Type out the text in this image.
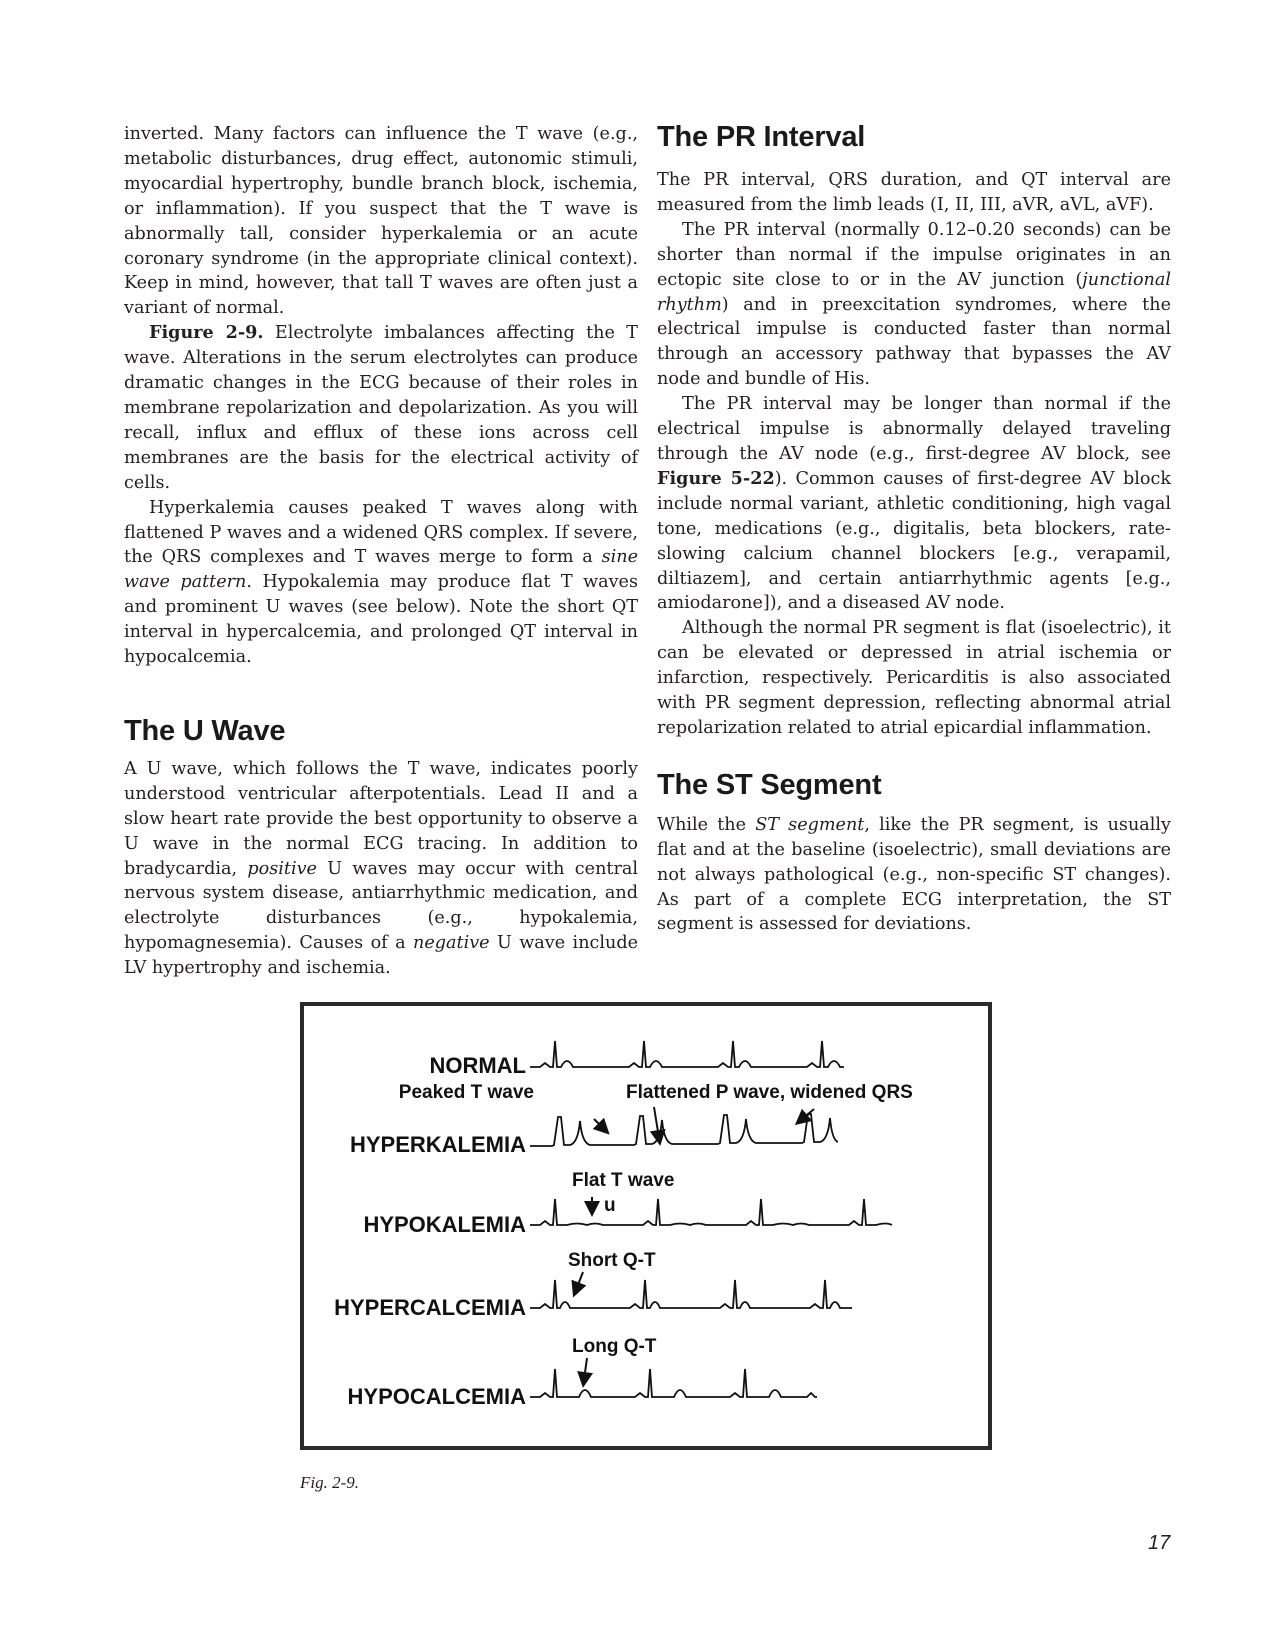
inverted. Many factors can influence the T wave (e.g., metabolic disturbances, drug effect, autonomic stimuli, myocardial hypertrophy, bundle branch block, ischemia, or inflammation). If you suspect that the T wave is abnormally tall, consider hyperkalemia or an acute coronary syndrome (in the appropriate clinical context). Keep in mind, however, that tall T waves are often just a variant of normal.

Figure 2-9. Electrolyte imbalances affecting the T wave. Alterations in the serum electrolytes can produce dramatic changes in the ECG because of their roles in membrane repolarization and depolarization. As you will recall, influx and efflux of these ions across cell membranes are the basis for the electrical activity of cells.

Hyperkalemia causes peaked T waves along with flattened P waves and a widened QRS complex. If severe, the QRS complexes and T waves merge to form a sine wave pattern. Hypokalemia may produce flat T waves and prominent U waves (see below). Note the short QT interval in hypercalcemia, and prolonged QT interval in hypocalcemia.

The U Wave

A U wave, which follows the T wave, indicates poorly understood ventricular afterpotentials. Lead II and a slow heart rate provide the best opportunity to observe a U wave in the normal ECG tracing. In addition to bradycardia, positive U waves may occur with central nervous system disease, antiarrhythmic medication, and electrolyte disturbances (e.g., hypokalemia, hypomagnesemia). Causes of a negative U wave include LV hypertrophy and ischemia.

The PR Interval

The PR interval, QRS duration, and QT interval are measured from the limb leads (I, II, III, aVR, aVL, aVF).

The PR interval (normally 0.12–0.20 seconds) can be shorter than normal if the impulse originates in an ectopic site close to or in the AV junction (junctional rhythm) and in preexcitation syndromes, where the electrical impulse is conducted faster than normal through an accessory pathway that bypasses the AV node and bundle of His.

The PR interval may be longer than normal if the electrical impulse is abnormally delayed traveling through the AV node (e.g., first-degree AV block, see Figure 5-22). Common causes of first-degree AV block include normal variant, athletic conditioning, high vagal tone, medications (e.g., digitalis, beta blockers, rate-slowing calcium channel blockers [e.g., verapamil, diltiazem], and certain antiarrhythmic agents [e.g., amiodarone]), and a diseased AV node.

Although the normal PR segment is flat (isoelectric), it can be elevated or depressed in atrial ischemia or infarction, respectively. Pericarditis is also associated with PR segment depression, reflecting abnormal atrial repolarization related to atrial epicardial inflammation.

The ST Segment

While the ST segment, like the PR segment, is usually flat and at the baseline (isoelectric), small deviations are not always pathological (e.g., non-specific ST changes). As part of a complete ECG interpretation, the ST segment is assessed for deviations.

NORMAL
Peaked T wave	Flattened P wave, widened QRS
HYPERKALEMIA
Flat T wave
u
HYPOKALEMIA
Short Q-T
HYPERCALCEMIA
Long Q-T
HYPOCALCEMIA
Fig. 2-9.
17
